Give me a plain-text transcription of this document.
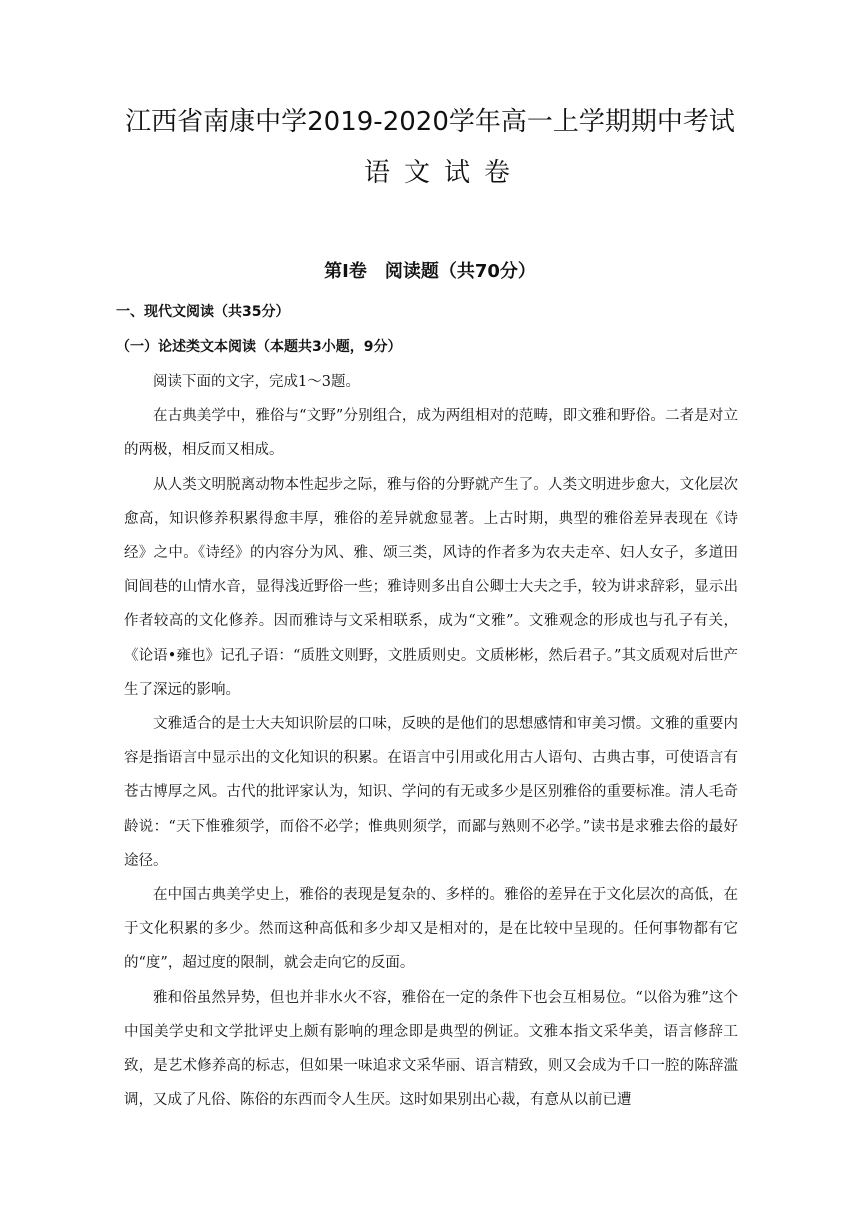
江西省南康中学2019-2020学年高一上学期期中考试
语文试卷
第Ⅰ卷　阅读题（共70分）
一、现代文阅读（共35分）
（一）论述类文本阅读（本题共3小题，9分）

阅读下面的文字，完成1～3题。

在古典美学中，雅俗与“文野”分别组合，成为两组相对的范畴，即文雅和野俗。二者是对立的两极，相反而又相成。

从人类文明脱离动物本性起步之际，雅与俗的分野就产生了。人类文明进步愈大，文化层次愈高，知识修养积累得愈丰厚，雅俗的差异就愈显著。上古时期，典型的雅俗差异表现在《诗经》之中。《诗经》的内容分为风、雅、颂三类，风诗的作者多为农夫走卒、妇人女子，多道田间闾巷的山情水音，显得浅近野俗一些；雅诗则多出自公卿士大夫之手，较为讲求辞彩，显示出作者较高的文化修养。因而雅诗与文采相联系，成为“文雅”。文雅观念的形成也与孔子有关，《论语•雍也》记孔子语：“质胜文则野，文胜质则史。文质彬彬，然后君子。”其文质观对后世产生了深远的影响。

文雅适合的是士大夫知识阶层的口味，反映的是他们的思想感情和审美习惯。文雅的重要内容是指语言中显示出的文化知识的积累。在语言中引用或化用古人语句、古典古事，可使语言有苍古博厚之风。古代的批评家认为，知识、学问的有无或多少是区别雅俗的重要标准。清人毛奇龄说：“天下惟雅须学，而俗不必学；惟典则须学，而鄙与熟则不必学。”读书是求雅去俗的最好途径。

在中国古典美学史上，雅俗的表现是复杂的、多样的。雅俗的差异在于文化层次的高低，在于文化积累的多少。然而这种高低和多少却又是相对的，是在比较中呈现的。任何事物都有它的“度”，超过度的限制，就会走向它的反面。

雅和俗虽然异势，但也并非水火不容，雅俗在一定的条件下也会互相易位。“以俗为雅”这个中国美学史和文学批评史上颇有影响的理念即是典型的例证。文雅本指文采华美，语言修辞工致，是艺术修养高的标志，但如果一味追求文采华丽、语言精致，则又会成为千口一腔的陈辞滥调，又成了凡俗、陈俗的东西而令人生厌。这时如果别出心裁，有意从以前已遭
